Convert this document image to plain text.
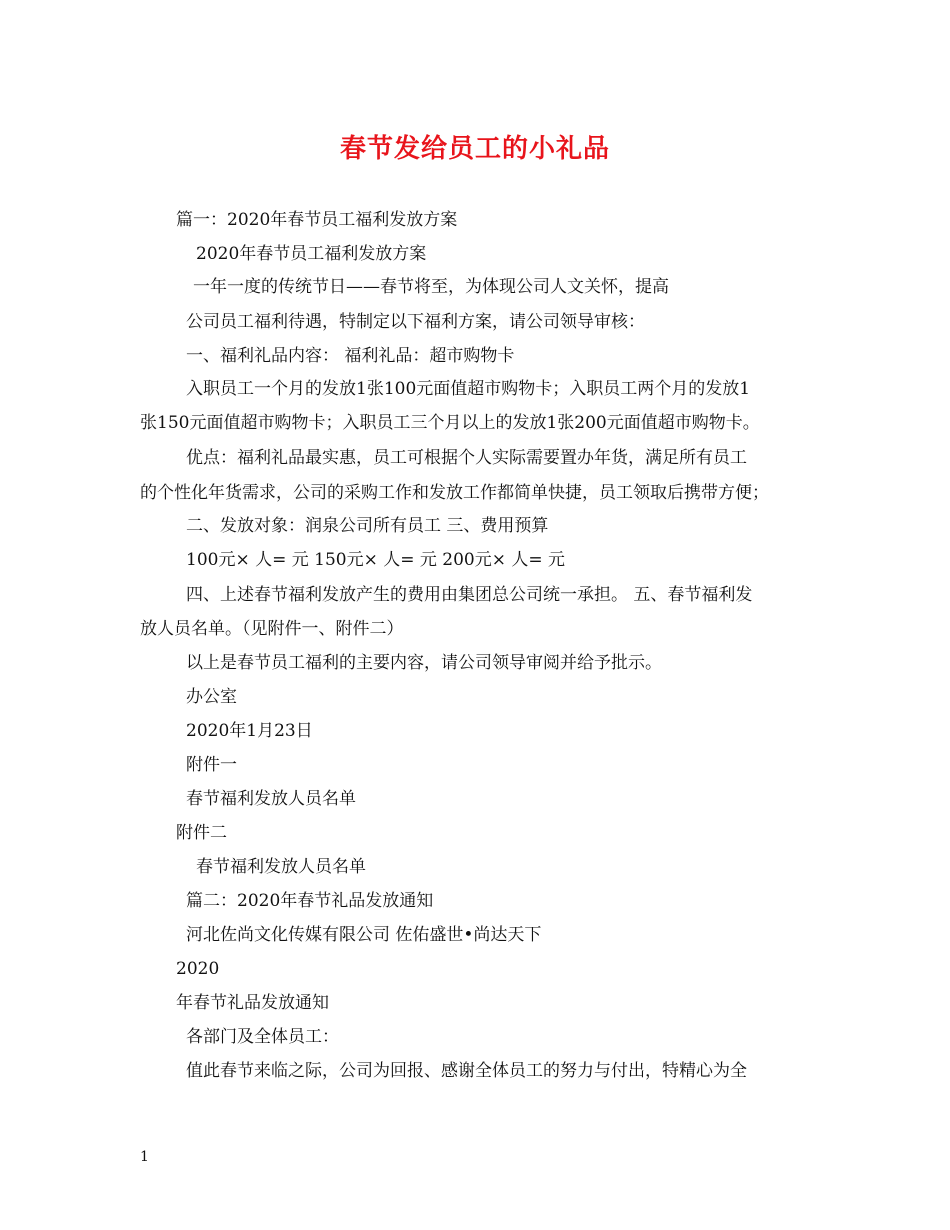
春节发给员工的小礼品
篇一：2020年春节员工福利发放方案
2020年春节员工福利发放方案
一年一度的传统节日——春节将至，为体现公司人文关怀，提高
公司员工福利待遇，特制定以下福利方案，请公司领导审核：
一、福利礼品内容： 福利礼品：超市购物卡
入职员工一个月的发放1张100元面值超市购物卡；入职员工两个月的发放1
张150元面值超市购物卡；入职员工三个月以上的发放1张200元面值超市购物卡。
优点：福利礼品最实惠，员工可根据个人实际需要置办年货，满足所有员工
的个性化年货需求，公司的采购工作和发放工作都简单快捷，员工领取后携带方便；
二、发放对象：润泉公司所有员工 三、费用预算
100元× 人= 元 150元× 人= 元 200元× 人= 元
四、上述春节福利发放产生的费用由集团总公司统一承担。 五、春节福利发
放人员名单。（见附件一、附件二）
以上是春节员工福利的主要内容，请公司领导审阅并给予批示。
办公室
2020年1月23日
附件一
春节福利发放人员名单
附件二
春节福利发放人员名单
篇二：2020年春节礼品发放通知
河北佐尚文化传媒有限公司 佐佑盛世•尚达天下
2020
年春节礼品发放通知
各部门及全体员工：
值此春节来临之际，公司为回报、感谢全体员工的努力与付出，特精心为全
1
